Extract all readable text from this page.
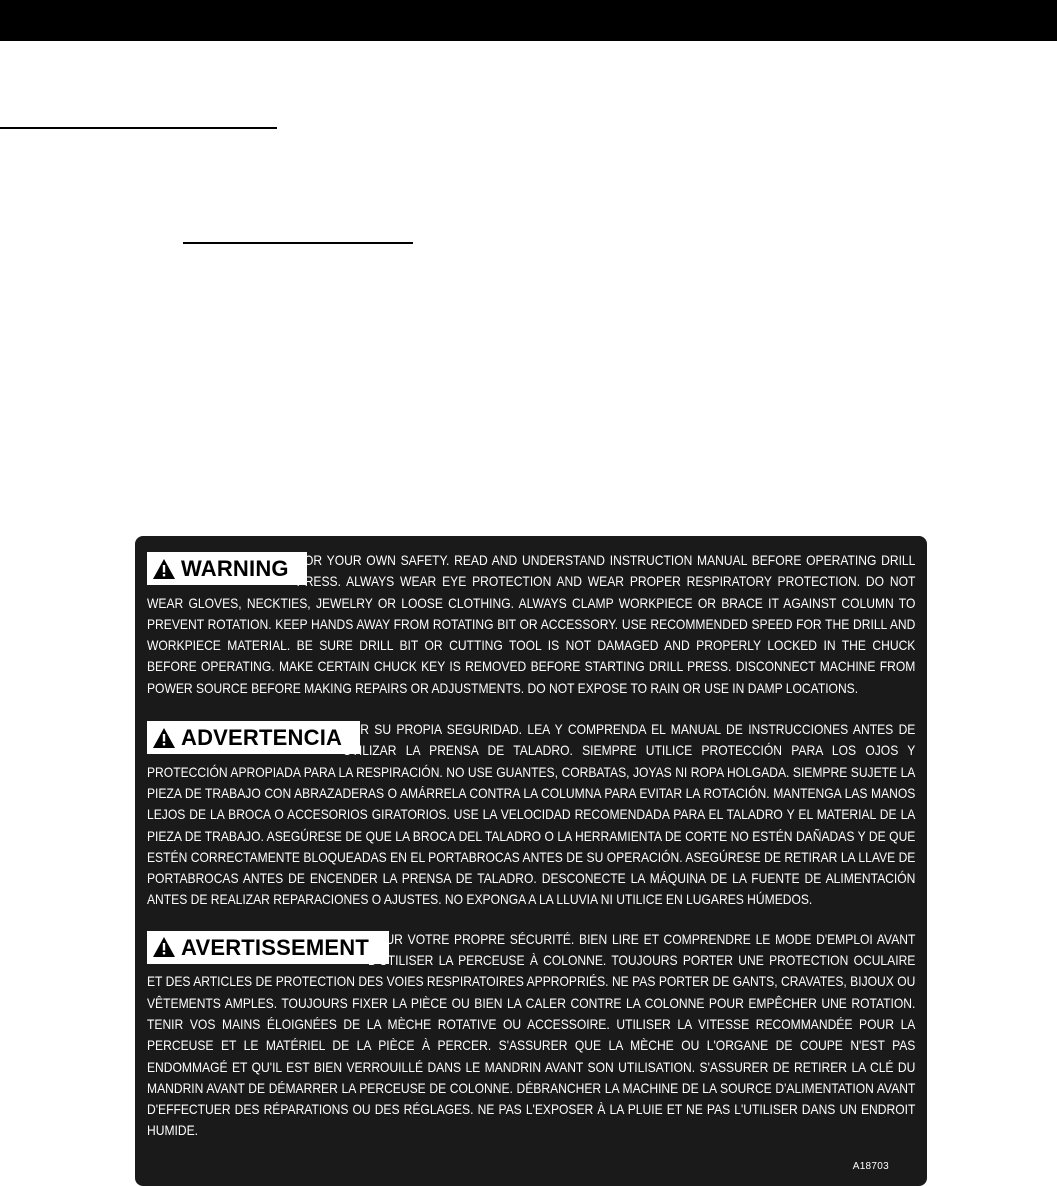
WARNING FOR YOUR OWN SAFETY. READ AND UNDERSTAND INSTRUCTION MANUAL BEFORE OPERATING DRILL PRESS. ALWAYS WEAR EYE PROTECTION AND WEAR PROPER RESPIRATORY PROTECTION. DO NOT WEAR GLOVES, NECKTIES, JEWELRY OR LOOSE CLOTHING. ALWAYS CLAMP WORKPIECE OR BRACE IT AGAINST COLUMN TO PREVENT ROTATION. KEEP HANDS AWAY FROM ROTATING BIT OR ACCESSORY. USE RECOMMENDED SPEED FOR THE DRILL AND WORKPIECE MATERIAL. BE SURE DRILL BIT OR CUTTING TOOL IS NOT DAMAGED AND PROPERLY LOCKED IN THE CHUCK BEFORE OPERATING. MAKE CERTAIN CHUCK KEY IS REMOVED BEFORE STARTING DRILL PRESS. DISCONNECT MACHINE FROM POWER SOURCE BEFORE MAKING REPAIRS OR ADJUSTMENTS. DO NOT EXPOSE TO RAIN OR USE IN DAMP LOCATIONS.

ADVERTENCIA POR SU PROPIA SEGURIDAD. LEA Y COMPRENDA EL MANUAL DE INSTRUCCIONES ANTES DE UTILIZAR LA PRENSA DE TALADRO. SIEMPRE UTILICE PROTECCIÓN PARA LOS OJOS Y PROTECCIÓN APROPIADA PARA LA RESPIRACIÓN. NO USE GUANTES, CORBATAS, JOYAS NI ROPA HOLGADA. SIEMPRE SUJETE LA PIEZA DE TRABAJO CON ABRAZADERAS O AMÁRRELA CONTRA LA COLUMNA PARA EVITAR LA ROTACIÓN. MANTENGA LAS MANOS LEJOS DE LA BROCA O ACCESORIOS GIRATORIOS. USE LA VELOCIDAD RECOMENDADA PARA EL TALADRO Y EL MATERIAL DE LA PIEZA DE TRABAJO. ASEGÚRESE DE QUE LA BROCA DEL TALADRO O LA HERRAMIENTA DE CORTE NO ESTÉN DAÑADAS Y DE QUE ESTÉN CORRECTAMENTE BLOQUEADAS EN EL PORTABROCAS ANTES DE SU OPERACIÓN. ASEGÚRESE DE RETIRAR LA LLAVE DE PORTABROCAS ANTES DE ENCENDER LA PRENSA DE TALADRO. DESCONECTE LA MÁQUINA DE LA FUENTE DE ALIMENTACIÓN ANTES DE REALIZAR REPARACIONES O AJUSTES. NO EXPONGA A LA LLUVIA NI UTILICE EN LUGARES HÚMEDOS.

AVERTISSEMENT

POUR VOTRE PROPRE SÉCURITÉ. BIEN LIRE ET COMPRENDRE LE MODE D'EMPLOI AVANT D'UTILISER LA PERCEUSE À COLONNE. TOUJOURS PORTER UNE PROTECTION OCULAIRE ET DES ARTICLES DE PROTECTION DES VOIES RESPIRATOIRES APPROPRIÉS. NE PAS PORTER DE GANTS, CRAVATES, BIJOUX OU VÊTEMENTS AMPLES. TOUJOURS FIXER LA PIÈCE OU BIEN LA CALER CONTRE LA COLONNE POUR EMPÊCHER UNE ROTATION. TENIR VOS MAINS ÉLOIGNÉES DE LA MÈCHE ROTATIVE OU ACCESSOIRE. UTILISER LA VITESSE RECOMMANDÉE POUR LA PERCEUSE ET LE MATÉRIEL DE LA PIÈCE À PERCER. S'ASSURER QUE LA MÈCHE OU L'ORGANE DE COUPE N'EST PAS ENDOMMAGÉ ET QU'IL EST BIEN VERROUILLÉ DANS LE MANDRIN AVANT SON UTILISATION. S'ASSURER DE RETIRER LA CLÉ DU MANDRIN AVANT DE DÉMARRER LA PERCEUSE DE COLONNE. DÉBRANCHER LA MACHINE DE LA SOURCE D'ALIMENTATION AVANT D'EFFECTUER DES RÉPARATIONS OU DES RÉGLAGES. NE PAS L'EXPOSER À LA PLUIE ET NE PAS L'UTILISER DANS UN ENDROIT HUMIDE.

A18703
